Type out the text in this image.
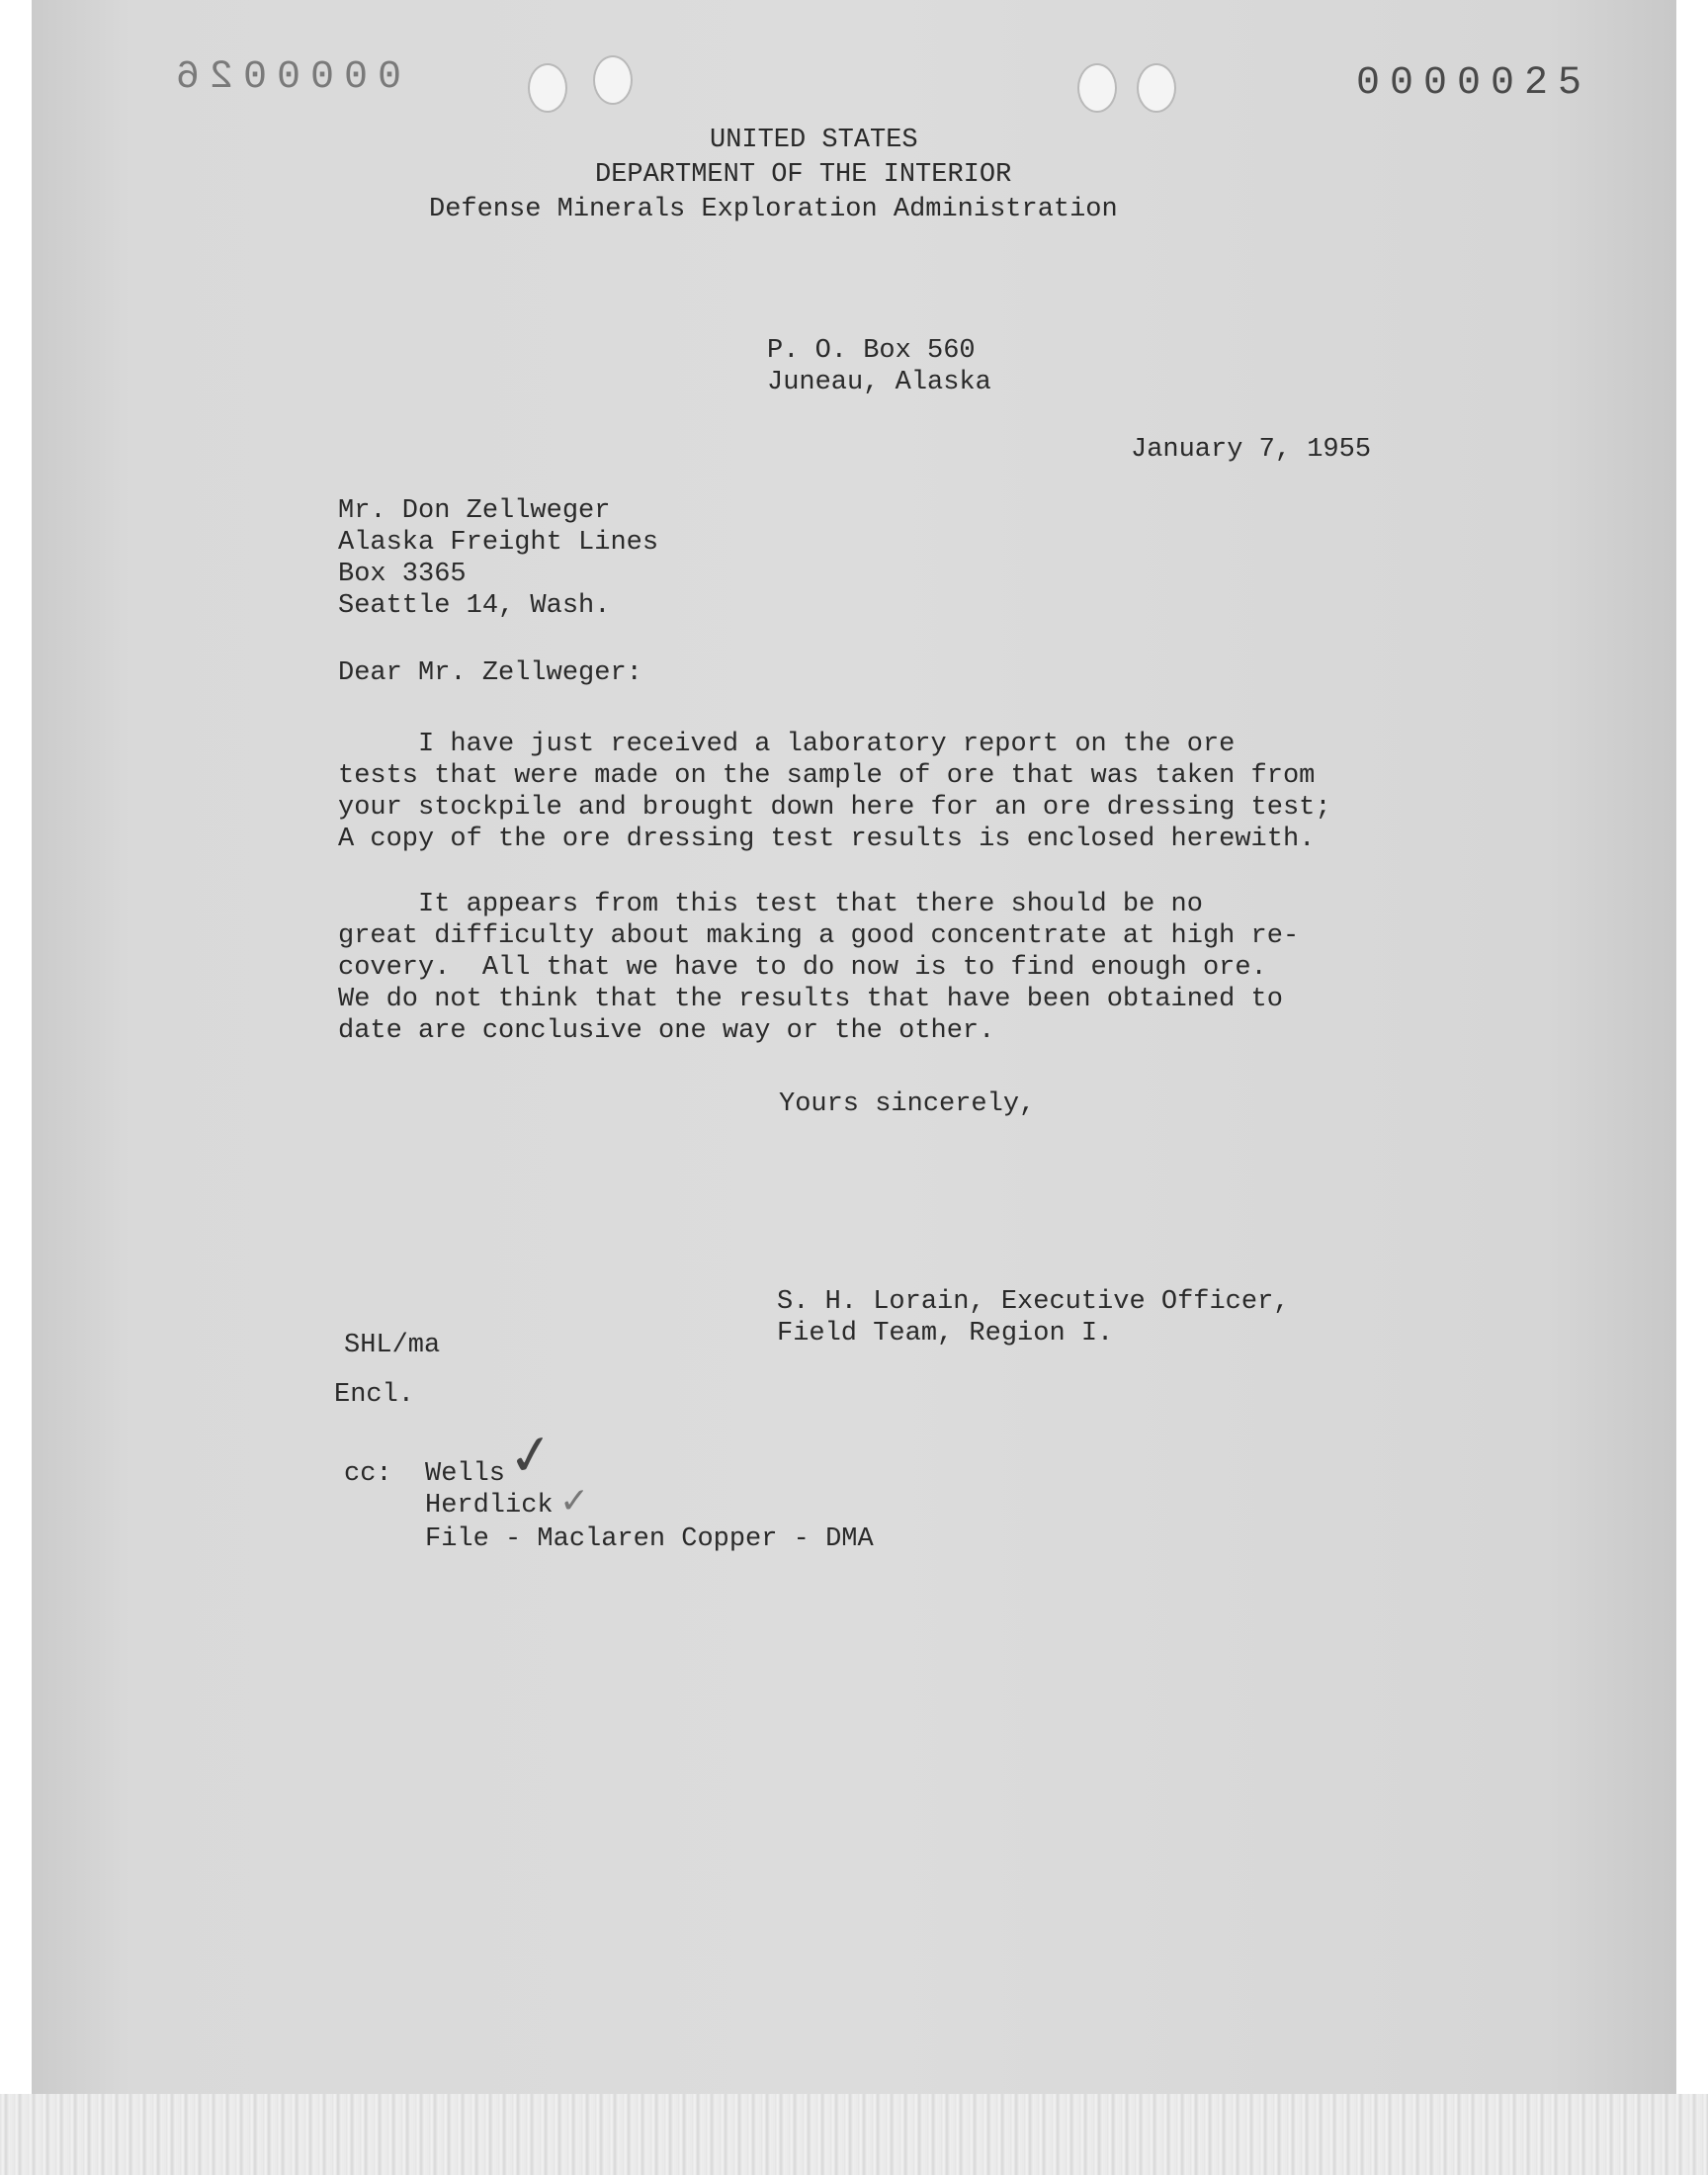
0000026	0000025
UNITED STATES
DEPARTMENT OF THE INTERIOR
Defense Minerals Exploration Administration
P. O. Box 560
Juneau, Alaska
January 7, 1955
Mr. Don Zellweger
Alaska Freight Lines
Box 3365
Seattle 14, Wash.
Dear Mr. Zellweger:
I have just received a laboratory report on the ore
tests that were made on the sample of ore that was taken from
your stockpile and brought down here for an ore dressing test;
A copy of the ore dressing test results is enclosed herewith.
It appears from this test that there should be no
great difficulty about making a good concentrate at high re-
covery.  All that we have to do now is to find enough ore.
We do not think that the results that have been obtained to
date are conclusive one way or the other.
Yours sincerely,
S. H. Lorain, Executive Officer,
Field Team, Region I.
SHL/ma
Encl.
cc: Wells
Herdlick
File - Maclaren Copper - DMA
✓
✓
